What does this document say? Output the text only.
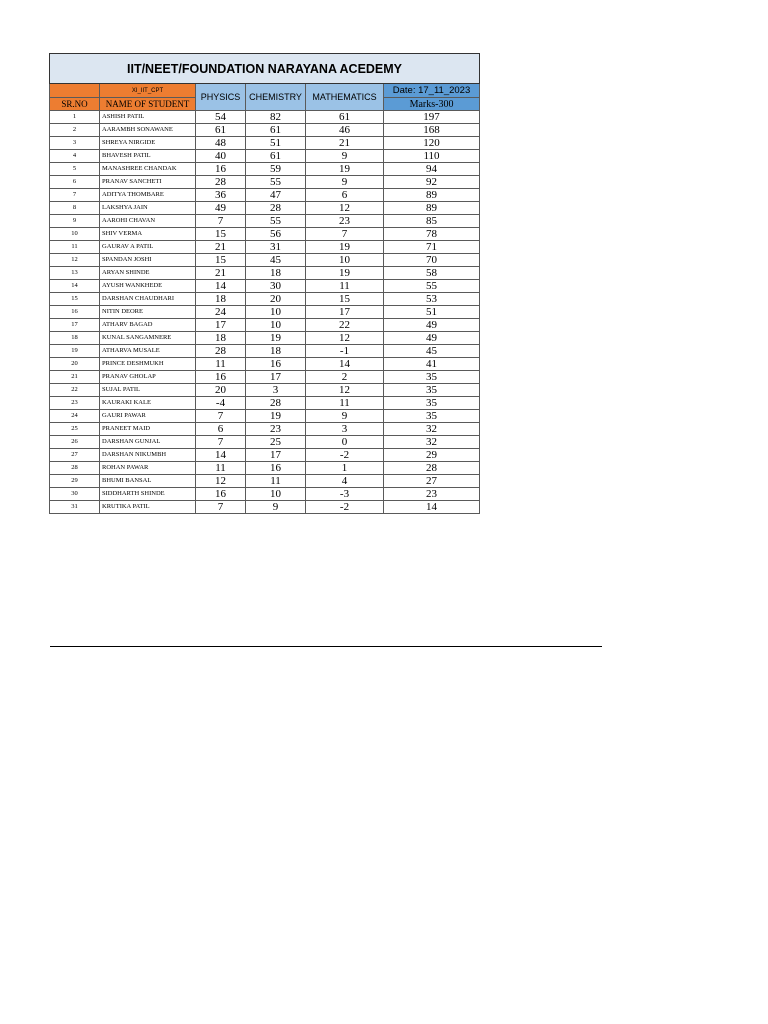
IIT/NEET/FOUNDATION NARAYANA ACEDEMY					
	XI_IIT_CPT	PHYSICS	CHEMISTRY	MATHEMATICS	Date: 17_11_2023
SR.NO	NAME OF STUDENT				Marks-300
1	ASHISH PATIL	54	82	61	197
2	AARAMBH SONAWANE	61	61	46	168
3	SHREYA NIRGIDE	48	51	21	120
4	BHAVESH PATIL	40	61	9	110
5	MANASHREE CHANDAK	16	59	19	94
6	PRANAV SANCHETI	28	55	9	92
7	ADITYA THOMBARE	36	47	6	89
8	LAKSHYA JAIN	49	28	12	89
9	AAROHI CHAVAN	7	55	23	85
10	SHIV VERMA	15	56	7	78
11	GAURAV A PATIL	21	31	19	71
12	SPANDAN JOSHI	15	45	10	70
13	ARYAN SHINDE	21	18	19	58
14	AYUSH WANKHEDE	14	30	11	55
15	DARSHAN CHAUDHARI	18	20	15	53
16	NITIN DEORE	24	10	17	51
17	ATHARV BAGAD	17	10	22	49
18	KUNAL SANGAMNERE	18	19	12	49
19	ATHARVA MUSALE	28	18	-1	45
20	PRINCE DESHMUKH	11	16	14	41
21	PRANAV GHOLAP	16	17	2	35
22	SUJAL PATIL	20	3	12	35
23	KAURAKI KALE	-4	28	11	35
24	GAURI PAWAR	7	19	9	35
25	PRANEET MAID	6	23	3	32
26	DARSHAN GUNJAL	7	25	0	32
27	DARSHAN NIKUMBH	14	17	-2	29
28	ROHAN PAWAR	11	16	1	28
29	BHUMI BANSAL	12	11	4	27
30	SIDDHARTH SHINDE	16	10	-3	23
31	KRUTIKA PATIL	7	9	-2	14
